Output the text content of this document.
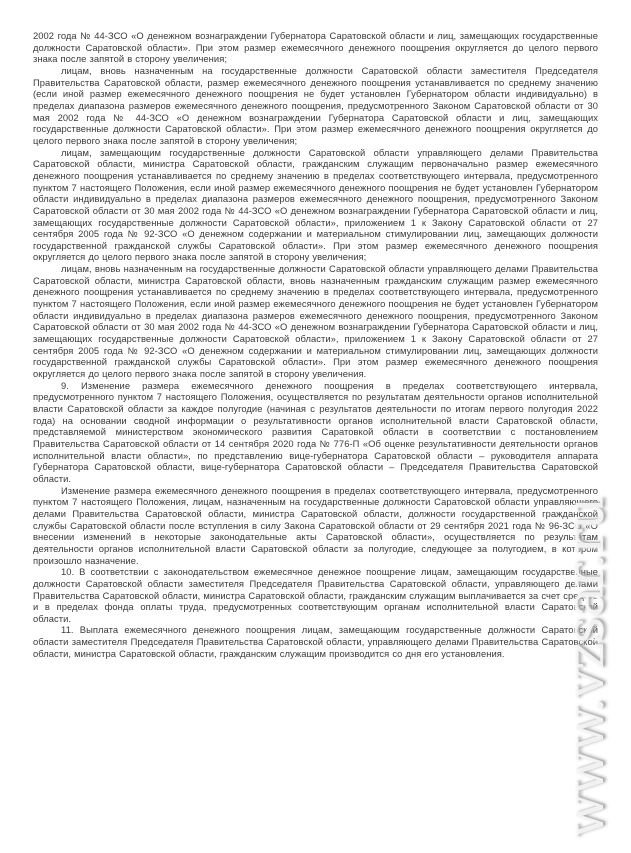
2002 года № 44-ЗСО «О денежном вознаграждении Губернатора Саратовской области и лиц, замещающих государственные должности Саратовской области». При этом размер ежемесячного денежного поощрения округляется до целого первого знака после запятой в сторону увеличения;

лицам, вновь назначенным на государственные должности Саратовской области заместителя Председателя Правительства Саратовской области, размер ежемесячного денежного поощрения устанавливается по среднему значению (если иной размер ежемесячного денежного поощрения не будет установлен Губернатором области индивидуально) в пределах диапазона размеров ежемесячного денежного поощрения, предусмотренного Законом Саратовской области от 30 мая 2002 года № 44-ЗСО «О денежном вознаграждении Губернатора Саратовской области и лиц, замещающих государственные должности Саратовской области». При этом размер ежемесячного денежного поощрения округляется до целого первого знака после запятой в сторону увеличения;

лицам, замещающим государственные должности Саратовской области управляющего делами Правительства Саратовской области, министра Саратовской области, гражданским служащим первоначально размер ежемесячного денежного поощрения устанавливается по среднему значению в пределах соответствующего интервала, предусмотренного пунктом 7 настоящего Положения, если иной размер ежемесячного денежного поощрения не будет установлен Губернатором области индивидуально в пределах диапазона размеров ежемесячного денежного поощрения, предусмотренного Законом Саратовской области от 30 мая 2002 года № 44-ЗСО «О денежном вознаграждении Губернатора Саратовской области и лиц, замещающих государственные должности Саратовской области», приложением 1 к Закону Саратовской области от 27 сентября 2005 года № 92-ЗСО «О денежном содержании и материальном стимулировании лиц, замещающих должности государственной гражданской службы Саратовской области». При этом размер ежемесячного денежного поощрения округляется до целого первого знака после запятой в сторону увеличения;

лицам, вновь назначенным на государственные должности Саратовской области управляющего делами Правительства Саратовской области, министра Саратовской области, вновь назначенным гражданским служащим размер ежемесячного денежного поощрения устанавливается по среднему значению в пределах соответствующего интервала, предусмотренного пунктом 7 настоящего Положения, если иной размер ежемесячного денежного поощрения не будет установлен Губернатором области индивидуально в пределах диапазона размеров ежемесячного денежного поощрения, предусмотренного Законом Саратовской области от 30 мая 2002 года № 44-ЗСО «О денежном вознаграждении Губернатора Саратовской области и лиц, замещающих государственные должности Саратовской области», приложением 1 к Закону Саратовской области от 27 сентября 2005 года № 92-ЗСО «О денежном содержании и материальном стимулировании лиц, замещающих должности государственной гражданской службы Саратовской области». При этом размер ежемесячного денежного поощрения округляется до целого первого знака после запятой в сторону увеличения.

9. Изменение размера ежемесячного денежного поощрения в пределах соответствующего интервала, предусмотренного пунктом 7 настоящего Положения, осуществляется по результатам деятельности органов исполнительной власти Саратовской области за каждое полугодие (начиная с результатов деятельности по итогам первого полугодия 2022 года) на основании сводной информации о результативности органов исполнительной власти Саратовской области, представляемой министерством экономического развития Саратовкой области в соответствии с постановлением Правительства Саратовской области от 14 сентября 2020 года № 776-П «Об оценке результативности деятельности органов исполнительной власти области», по представлению вице-губернатора Саратовской области – руководителя аппарата Губернатора Саратовской области, вице-губернатора Саратовской области – Председателя Правительства Саратовской области.

Изменение размера ежемесячного денежного поощрения в пределах соответствующего интервала, предусмотренного пунктом 7 настоящего Положения, лицам, назначенным на государственные должности Саратовской области управляющего делами Правительства Саратовской области, министра Саратовской области, должности государственной гражданской службы Саратовской области после вступления в силу Закона Саратовской области от 29 сентября 2021 года № 96-ЗСО «О внесении изменений в некоторые законодательные акты Саратовской области», осуществляется по результатам деятельности органов исполнительной власти Саратовской области за полугодие, следующее за полугодием, в котором произошло назначение.

10. В соответствии с законодательством ежемесячное денежное поощрение лицам, замещающим государственные должности Саратовской области заместителя Председателя Правительства Саратовской области, управляющего делами Правительства Саратовской области, министра Саратовской области, гражданским служащим выплачивается за счет средств и в пределах фонда оплаты труда, предусмотренных соответствующим органам исполнительной власти Саратовской области.

11. Выплата ежемесячного денежного поощрения лицам, замещающим государственные должности Саратовской области заместителя Председателя Правительства Саратовской области, управляющего делами Правительства Саратовской области, министра Саратовской области, гражданским служащим производится со дня его установления. www.vzsar.ru
